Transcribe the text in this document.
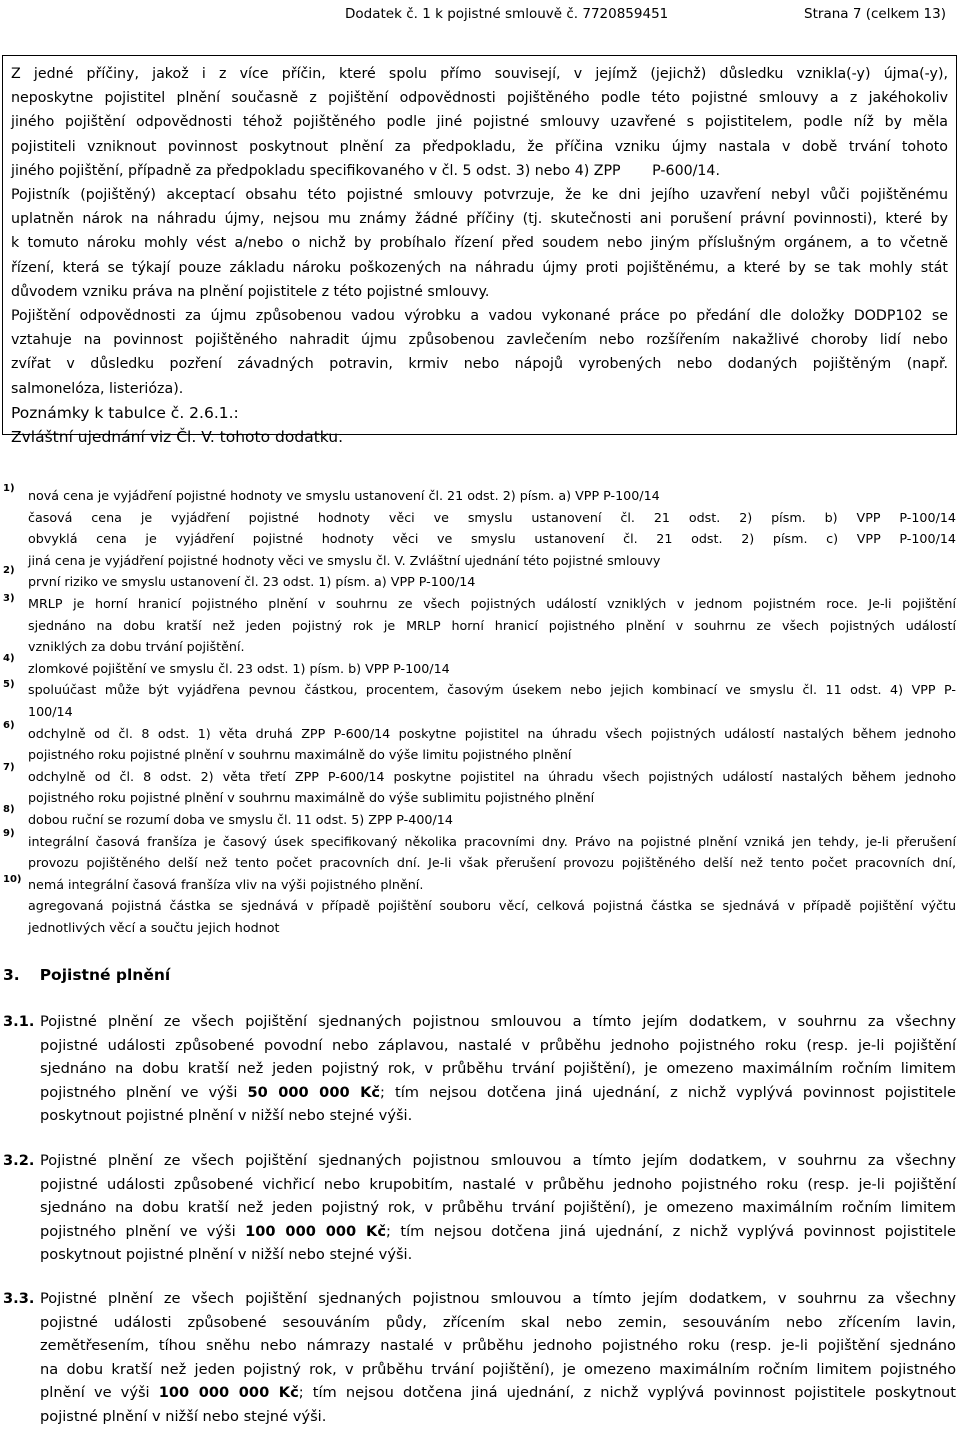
Dodatek č. 1 k pojistné smlouvě č. 7720859451	Strana 7 (celkem 13)
Z jedné příčiny, jakož i z více příčin, které spolu přímo souvisejí, v jejímž (jejichž) důsledku vznikla(-y) újma(-y),
neposkytne pojistitel plnění současně z pojištění odpovědnosti pojištěného podle této pojistné smlouvy a z jakéhokoliv
jiného pojištění odpovědnosti téhož pojištěného podle jiné pojistné smlouvy uzavřené s pojistitelem, podle níž by měla
pojistiteli vzniknout povinnost poskytnout plnění za předpokladu, že příčina vzniku újmy nastala v době trvání tohoto
jiného pojištění, případně za předpokladu specifikovaného v čl. 5 odst. 3) nebo 4) ZPP       P-600/14.
Pojistník (pojištěný) akceptací obsahu této pojistné smlouvy potvrzuje, že ke dni jejího uzavření nebyl vůči pojištěnému
uplatněn nárok na náhradu újmy, nejsou mu známy žádné příčiny (tj. skutečnosti ani porušení právní povinnosti), které by
k tomuto nároku mohly vést a/nebo o nichž by probíhalo řízení před soudem nebo jiným příslušným orgánem, a to včetně
řízení, která se týkají pouze základu nároku poškozených na náhradu újmy proti pojištěnému, a které by se tak mohly stát
důvodem vzniku práva na plnění pojistitele z této pojistné smlouvy.
Pojištění odpovědnosti za újmu způsobenou vadou výrobku a vadou vykonané práce po předání dle doložky DODP102 se
vztahuje na povinnost pojištěného nahradit újmu způsobenou zavlečením nebo rozšířením nakažlivé choroby lidí nebo
zvířat v důsledku pozření závadných potravin, krmiv nebo nápojů vyrobených nebo dodaných pojištěným (např.
salmonelóza, listerióza).
Poznámky k tabulce č. 2.6.1.:
Zvláštní ujednání viz Čl. V. tohoto dodatku.
1) nová cena je vyjádření pojistné hodnoty ve smyslu ustanovení čl. 21 odst. 2) písm. a) VPP P-100/14
časová cena je vyjádření pojistné hodnoty věci ve smyslu ustanovení čl. 21 odst. 2) písm. b) VPP P-100/14
obvyklá cena je vyjádření pojistné hodnoty věci ve smyslu ustanovení čl. 21 odst. 2) písm. c) VPP P-100/14
jiná cena je vyjádření pojistné hodnoty věci ve smyslu čl. V. Zvláštní ujednání této pojistné smlouvy
2)
první riziko ve smyslu ustanovení čl. 23 odst. 1) písm. a) VPP P-100/14
3) MRLP je horní hranicí pojistného plnění v souhrnu ze všech pojistných událostí vzniklých v jednom pojistném roce. Je-li pojištění
sjednáno na dobu kratší než jeden pojistný rok je MRLP horní hranicí pojistného plnění v souhrnu ze všech pojistných událostí
vzniklých za dobu trvání pojištění.
4)
zlomkové pojištění ve smyslu čl. 23 odst. 1) písm. b) VPP P-100/14
5) spoluúčast může být vyjádřena pevnou částkou, procentem, časovým úsekem nebo jejich kombinací ve smyslu čl. 11 odst. 4) VPP P-
100/14
6)
odchylně od čl. 8 odst. 1) věta druhá ZPP P-600/14 poskytne pojistitel na úhradu všech pojistných událostí nastalých během jednoho
pojistného roku pojistné plnění v souhrnu maximálně do výše limitu pojistného plnění
7)
odchylně od čl. 8 odst. 2) věta třetí ZPP P-600/14 poskytne pojistitel na úhradu všech pojistných událostí nastalých během jednoho
pojistného roku pojistné plnění v souhrnu maximálně do výše sublimitu pojistného plnění
8)
dobou ruční se rozumí doba ve smyslu čl. 11 odst. 5) ZPP P-400/14
9)
integrální časová franšíza je časový úsek specifikovaný několika pracovními dny. Právo na pojistné plnění vzniká jen tehdy, je-li přerušení
provozu pojištěného delší než tento počet pracovních dní. Je-li však přerušení provozu pojištěného delší než tento počet pracovních dní,
nemá integrální časová franšíza vliv na výši pojistného plnění.
10)
agregovaná pojistná částka se sjednává v případě pojištění souboru věcí, celková pojistná částka se sjednává v případě pojištění výčtu
jednotlivých věcí a součtu jejich hodnot
3. Pojistné plnění
3.1. Pojistné plnění ze všech pojištění sjednaných pojistnou smlouvou a tímto jejím dodatkem, v souhrnu za všechny
pojistné události způsobené povodní nebo záplavou, nastalé v průběhu jednoho pojistného roku (resp. je-li pojištění
sjednáno na dobu kratší než jeden pojistný rok, v průběhu trvání pojištění), je omezeno maximálním ročním limitem
pojistného plnění ve výši 50 000 000 Kč; tím nejsou dotčena jiná ujednání, z nichž vyplývá povinnost pojistitele
poskytnout pojistné plnění v nižší nebo stejné výši.
3.2. Pojistné plnění ze všech pojištění sjednaných pojistnou smlouvou a tímto jejím dodatkem, v souhrnu za všechny
pojistné události způsobené vichřicí nebo krupobitím, nastalé v průběhu jednoho pojistného roku (resp. je-li pojištění
sjednáno na dobu kratší než jeden pojistný rok, v průběhu trvání pojištění), je omezeno maximálním ročním limitem
pojistného plnění ve výši 100 000 000 Kč; tím nejsou dotčena jiná ujednání, z nichž vyplývá povinnost pojistitele
poskytnout pojistné plnění v nižší nebo stejné výši.
3.3. Pojistné plnění ze všech pojištění sjednaných pojistnou smlouvou a tímto jejím dodatkem, v souhrnu za všechny
pojistné události způsobené sesouváním půdy, zřícením skal nebo zemin, sesouváním nebo zřícením lavin,
zemětřesením, tíhou sněhu nebo námrazy nastalé v průběhu jednoho pojistného roku (resp. je-li pojištění sjednáno
na dobu kratší než jeden pojistný rok, v průběhu trvání pojištění), je omezeno maximálním ročním limitem pojistného
plnění ve výši 100 000 000 Kč; tím nejsou dotčena jiná ujednání, z nichž vyplývá povinnost pojistitele poskytnout
pojistné plnění v nižší nebo stejné výši.
